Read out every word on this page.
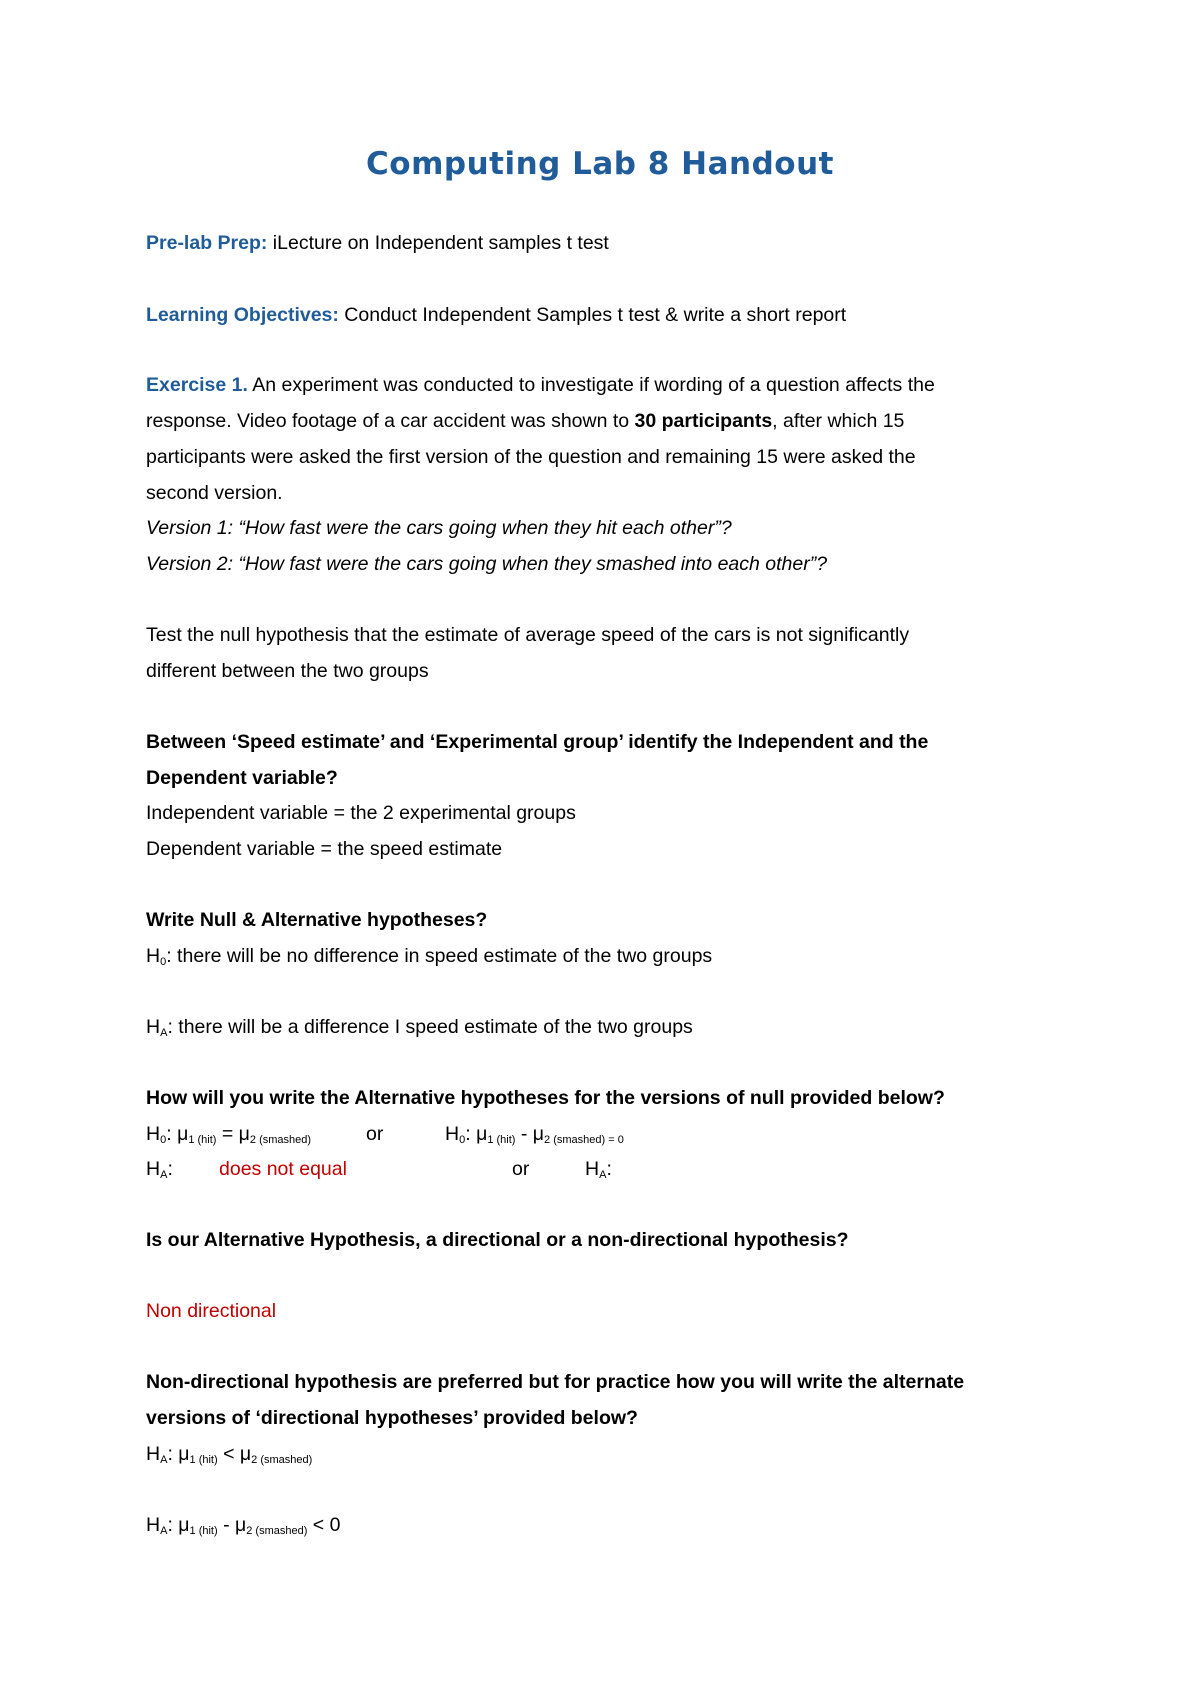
Computing Lab 8 Handout

Pre-lab Prep: iLecture on Independent samples t test

Learning Objectives: Conduct Independent Samples t test & write a short report

Exercise 1. An experiment was conducted to investigate if wording of a question affects the

response. Video footage of a car accident was shown to 30 participants, after which 15

participants were asked the first version of the question and remaining 15 were asked the

second version.

Version 1: “How fast were the cars going when they hit each other”?

Version 2: “How fast were the cars going when they smashed into each other”?

Test the null hypothesis that the estimate of average speed of the cars is not significantly

different between the two groups

Between ‘Speed estimate’ and ‘Experimental group’ identify the Independent and the

Dependent variable?

Independent variable = the 2 experimental groups

Dependent variable = the speed estimate

Write Null & Alternative hypotheses?

$H_0$: there will be no difference in speed estimate of the two groups

$H_A$: there will be a difference I speed estimate of the two groups

How will you write the Alternative hypotheses for the versions of null provided below?

$H_0$: $\mu_{1 (hit)} = \mu_{2 (smashed)}$	or	$H_0$: $\mu_{1 (hit)} - \mu_{2 (smashed) = 0}$

$H_A$: does not equal	or	$H_A$:

Is our Alternative Hypothesis, a directional or a non-directional hypothesis?

Non directional

Non-directional hypothesis are preferred but for practice how you will write the alternate

versions of ‘directional hypotheses’ provided below?

$H_A$: $\mu_{1 (hit)} < \mu_{2 (smashed)}$

$H_A$: $\mu_{1 (hit)} - \mu_{2 (smashed)} < 0$
